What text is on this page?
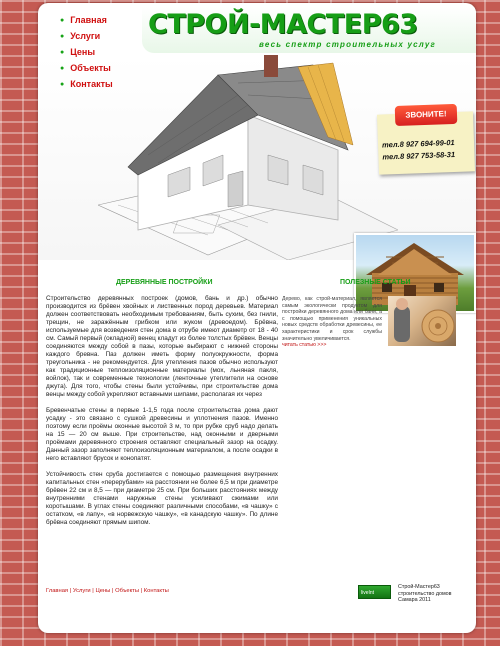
ЗВОНИТЕ!
тел.8 927 694-99-01
тел.8 927 753-58-31
СТРОЙ-МАСТЕР63
весь спектр строительных услуг
● Главная
● Услуги
● Цены
● Объекты
● Контакты
ДЕРЕВЯННЫЕ ПОСТРОЙКИ

Строительство деревянных построек (домов, бань и др.) обычно производится из брёвен хвойных и лиственных пород деревьев. Материал должен соответствовать необходимым требованиям, быть сухим, без гнили, трещин, не заражённым грибком или жуком (древоедом). Брёвна, используемые для возведения стен дома в отрубе имеют диаметр от 18 - 40 см. Самый первый (окладной) венец кладут из более толстых брёвен. Венцы соединяются между собой в пазы, которые выбирают с нижней стороны каждого бревна. Паз должен иметь форму полуокружности, форма треугольника - не рекомендуется. Для утепления пазов обычно используют как традиционные теплоизоляционные материалы (мох, льняная пакля, войлок), так и современные технологии (ленточные утеплители на основе джута). Для того, чтобы стены были устойчивы, при строительстве дома венцы между собой укрепляют вставными шипами, располагая их через

Бревенчатые стены в первые 1-1,5 года после строительства дома дают усадку - это связано с сушкой древесины и уплотнения пазов. Именно поэтому если проёмы оконные высотой 3 м, то при рубке сруб надо делать на 15 — 20 см выше. При строительстве, над оконными и дверными проёмами деревянного строения оставляют специальный зазор на осадку. Данный зазор заполняют теплоизоляционным материалом, а после осадки в него вставляют брусок и конопатят.

Устойчивость стен сруба достигается с помощью размещения внутренних капитальных стен «перерубами» на расстоянии не более 6,5 м при диаметре брёвен 22 см и 8,5 — при диаметре 25 см. При больших расстояниях между внутренними стенами наружные стены усиливают сжимами или коротышами. В углах стены соединяют различными способами, «в чашку» с остатком, «в лапу», «в норвежскую чашку», «в канадскую чашку». По длине брёвна соединяют прямым шипом.

ПОЛЕЗНЫЕ СТАТЬИ
Дерево, как строй-материал, является самым экологически продуктом для постройки деревянного дома или бани, а с помощью применения уникальных новых средств обработки древесины, ее характеристики и срок службы значительно увеличивается.
читать статью >>>
Главная | Услуги | Цены | Объекты | Контакты	liveInt
Строй-Мастер63
строительство домов
Самара 2011
